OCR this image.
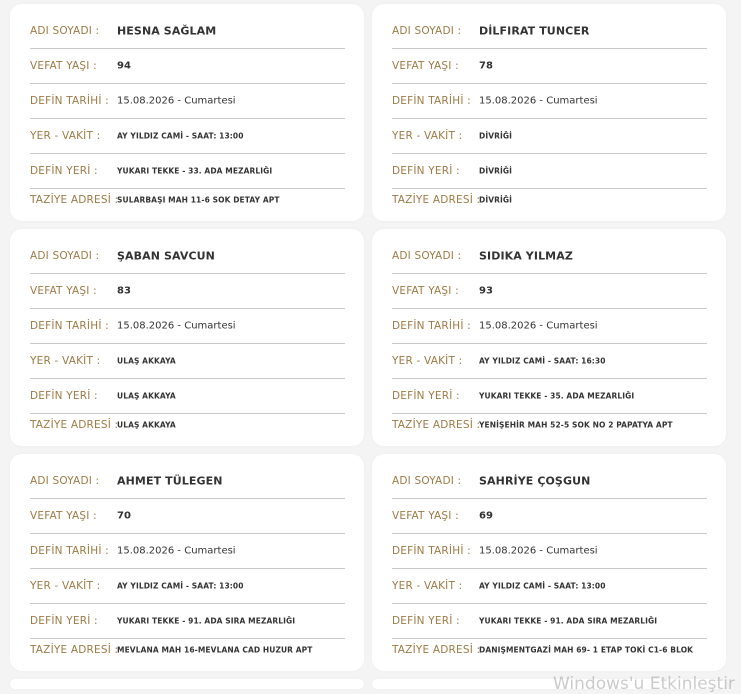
ADI SOYADI : HESNA SAĞLAM
VEFAT YAŞI : 94
DEFİN TARİHİ : 15.08.2026 - Cumartesi
YER - VAKİT : AY YILDIZ CAMİ - SAAT: 13:00
DEFİN YERİ :	YUKARI TEKKE - 33. ADA MEZARLIĞI
TAZİYE ADRESİ :
SULARBAŞI MAH 11-6 SOK DETAY APT
ADI SOYADI : DİLFIRAT TUNCER
VEFAT YAŞI : 78
DEFİN TARİHİ : 15.08.2026 - Cumartesi
YER - VAKİT : DİVRİĞİ
DEFİN YERİ :	DİVRİĞİ
TAZİYE ADRESİ :
DİVRİĞİ
ADI SOYADI : ŞABAN SAVCUN
VEFAT YAŞI : 83
DEFİN TARİHİ : 15.08.2026 - Cumartesi
YER - VAKİT : ULAŞ AKKAYA
DEFİN YERİ :	ULAŞ AKKAYA
TAZİYE ADRESİ :
ULAŞ AKKAYA
ADI SOYADI : SIDIKA YILMAZ
VEFAT YAŞI : 93
DEFİN TARİHİ : 15.08.2026 - Cumartesi
YER - VAKİT : AY YILDIZ CAMİ - SAAT: 16:30
DEFİN YERİ :	YUKARI TEKKE - 35. ADA MEZARLIĞI
TAZİYE ADRESİ :
YENİŞEHİR MAH 52-5 SOK NO 2 PAPATYA APT
ADI SOYADI : AHMET TÜLEGEN
VEFAT YAŞI : 70
DEFİN TARİHİ : 15.08.2026 - Cumartesi
YER - VAKİT : AY YILDIZ CAMİ - SAAT: 13:00
DEFİN YERİ :	YUKARI TEKKE - 91. ADA SIRA MEZARLIĞI
TAZİYE ADRESİ :
MEVLANA MAH 16-MEVLANA CAD HUZUR APT
ADI SOYADI : SAHRİYE ÇOŞGUN
VEFAT YAŞI : 69
DEFİN TARİHİ : 15.08.2026 - Cumartesi
YER - VAKİT : AY YILDIZ CAMİ - SAAT: 13:00
DEFİN YERİ :	YUKARI TEKKE - 91. ADA SIRA MEZARLIĞI
TAZİYE ADRESİ :
DANIŞMENTGAZİ MAH 69- 1 ETAP TOKİ C1-6 BLOK
Windows'u Etkinleştir
